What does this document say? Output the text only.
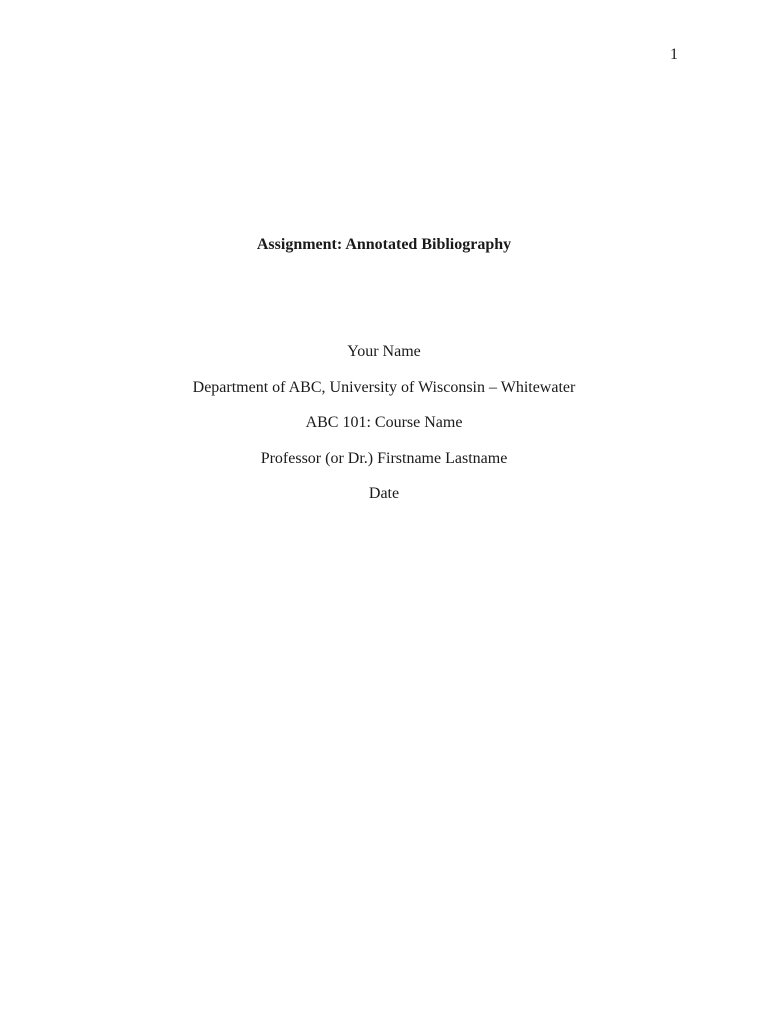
1
Assignment: Annotated Bibliography

Your Name

Department of ABC, University of Wisconsin – Whitewater

ABC 101: Course Name

Professor (or Dr.) Firstname Lastname

Date
